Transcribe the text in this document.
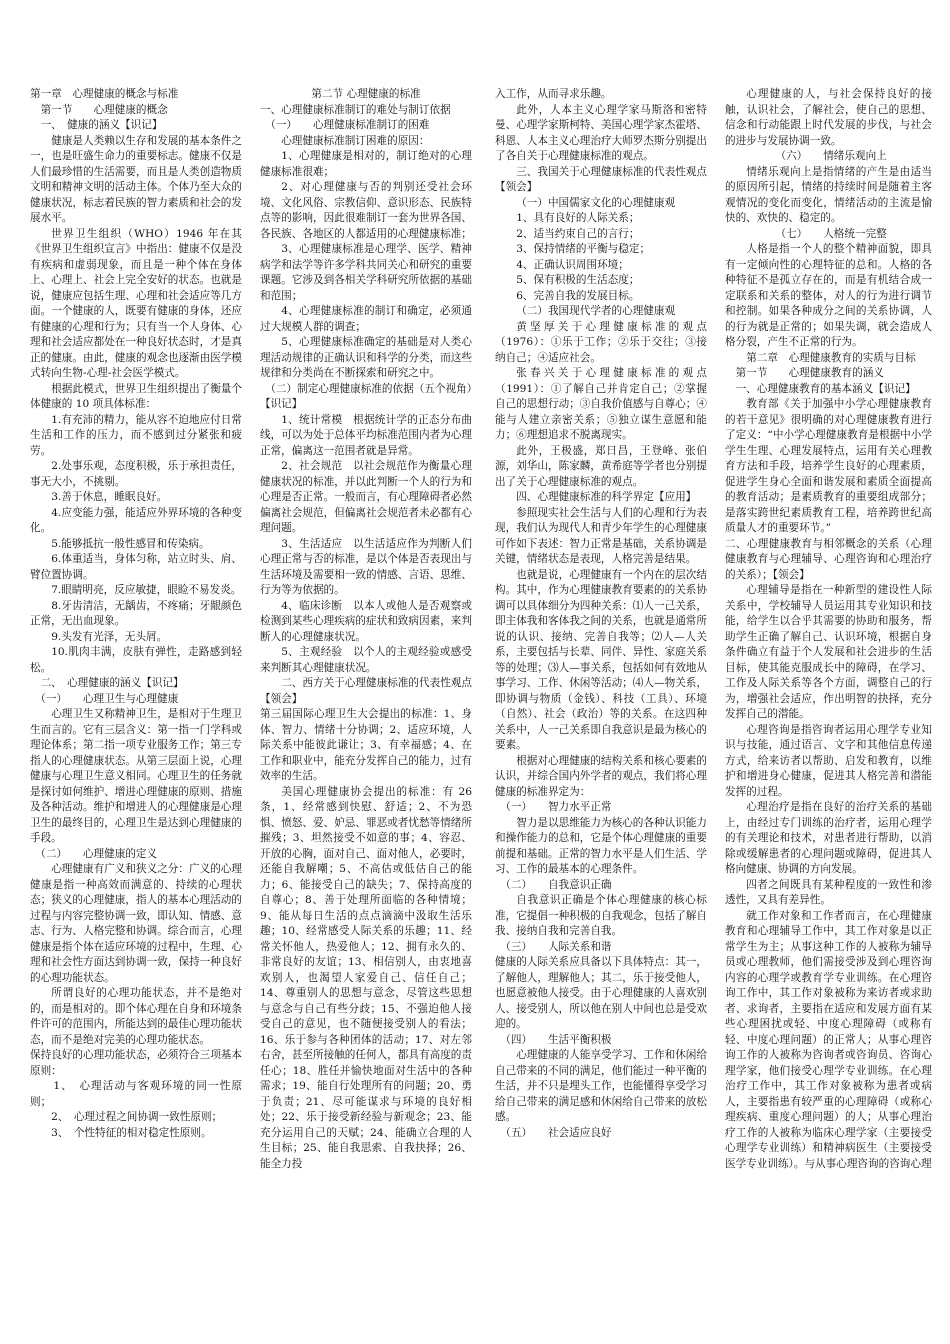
第一章　心理健康的概念与标准

　第一节　　心理健康的概念

　一、　健康的涵义【识记】

健康是人类赖以生存和发展的基本条件之一，也是旺盛生命力的重要标志。健康不仅是人们最珍惜的生活需要，而且是人类创造物质文明和精神文明的活动主体。个体乃至大众的健康状况，标志着民族的智力素质和社会的发展水平。

世界卫生组织（WHO）1946 年在其《世界卫生组织宣言》中指出：健康不仅是没有疾病和虚弱现象，而且是一种个体在身体上、心理上、社会上完全安好的状态。也就是说，健康应包括生理、心理和社会适应等几方面。一个健康的人，既要有健康的身体，还应有健康的心理和行为；只有当一个人身体、心理和社会适应都处在一种良好状态时，才是真正的健康。由此，健康的观念也逐渐由医学模式转向生物-心理-社会医学模式。

根据此模式，世界卫生组织提出了衡量个体健康的 10 项具体标准：

1.有充沛的精力，能从容不迫地应付日常生活和工作的压力，而不感到过分紧张和疲劳。

2.处事乐观，态度积极，乐于承担责任，事无大小，不挑剔。

3.善于休息，睡眠良好。

4.应变能力强，能适应外界环境的各种变化。

5.能够抵抗一般性感冒和传染病。

6.体重适当，身体匀称，站立时头、肩、臂位置协调。

7.眼睛明亮，反应敏捷，眼睑不易发炎。

8.牙齿清洁，无龋齿，不疼痛；牙龈颜色正常，无出血现象。

9.头发有光泽，无头屑。

10.肌肉丰满，皮肤有弹性，走路感到轻松。

　二、　心理健康的涵义【识记】

　（一）　　心理卫生与心理健康

心理卫生又称精神卫生，是相对于生理卫生而言的。它有三层含义：第一指一门学科或理论体系；第二指一项专业服务工作；第三专指人的心理健康状态。从第三层面上说，心理健康与心理卫生意义相同。心理卫生的任务就是探讨如何维护、增进心理健康的原则、措施及各种活动。维护和增进人的心理健康是心理卫生的最终目的，心理卫生是达到心理健康的手段。

　（二）　　心理健康的定义

心理健康有广义和狭义之分：广义的心理健康是指一种高效而满意的、持续的心理状态；狭义的心理健康，指人的基本心理活动的过程与内容完整协调一致，即认知、情感、意志、行为、人格完整和协调。综合而言，心理健康是指个体在适应环境的过程中，生理、心理和社会性方面达到协调一致，保持一种良好的心理功能状态。

所谓良好的心理功能状态，并不是绝对的，而是相对的。即个体心理在自身和环境条件许可的范围内，所能达到的最佳心理功能状态，而不是绝对完美的心理功能状态。

保持良好的心理功能状态，必须符合三项基本原则：

　　1、　心理活动与客观环境的同一性原则；

　　2、　心理过程之间协调一致性原则；

　　3、　个性特征的相对稳定性原则。

第二节 心理健康的标准

一、心理健康标准制订的难处与制订依据

　（一）　　心理健康标准制订的困难

心理健康标准制订困难的原因：

1、心理健康是相对的，制订绝对的心理健康标准很难；

2、对心理健康与否的判别还受社会环境、文化风俗、宗教信仰、意识形态、民族特点等的影响，因此很难制订一套为世界各国、各民族、各地区的人都适用的心理健康标准；

3、心理健康标准是心理学、医学、精神病学和法学等许多学科共同关心和研究的重要课题。它涉及到各相关学科研究所依据的基础和范围；

4、心理健康标准的制订和确定，必须通过大规模人群的调查；

5、心理健康标准确定的基础是对人类心理活动规律的正确认识和科学的分类，而这些规律和分类尚在不断探索和研究之中。

　（二）制定心理健康标准的依据（五个视角）【识记】

1、统计常模　根据统计学的正态分布曲线，可以为处于总体平均标准范围内者为心理正常，偏离这一范围者就是异常。

2、社会规范　以社会规范作为衡量心理健康状况的标准，并以此判断一个人的行为和心理是否正常。一般而言，有心理障碍者必然偏离社会规范，但偏离社会规范者未必都有心理问题。

3、生活适应　以生活适应作为判断人们心理正常与否的标准，是以个体是否表现出与生活环境及需要相一致的情感、言语、思维、行为等为依据的。

4、临床诊断　以本人或他人是否观察或检测到某些心理疾病的症状和致病因素，来判断人的心理健康状况。

5、主观经验　以个人的主观经验或感受来判断其心理健康状况。

二、西方关于心理健康标准的代表性观点【领会】

第三届国际心理卫生大会提出的标准：1、身体、智力、情绪十分协调；2、适应环境，人际关系中能彼此谦让；3、有幸福感；4、在工作和职业中，能充分发挥自己的能力，过有效率的生活。

美国心理健康协会提出的标准：有 26 条，1、经常感到快慰、舒适；2、不为恐惧、愤怒、爱、妒忌、罪恶或者忧愁等情绪所摧残；3、坦然接受不如意的事；4、容忍、开放的心胸，面对自己、面对他人，必要时，还能自我解嘲；5、不高估或低估自己的能力；6、能接受自己的缺失；7、保持高度的自尊心；8、善于处理所面临的各种情境；9、能从每日生活的点点滴滴中汲取生活乐趣；10、经常感受人际关系的乐趣；11、经常关怀他人，热爱他人；12、拥有永久的、非常良好的友谊；13、相信别人，由衷地喜欢别人，也渴望人家爱自己、信任自己；14、尊重别人的思想与意念，尽管这些思想与意念与自己有些分歧；15、不强迫他人接受自己的意见，也不随便接受别人的看法；16、乐于参与各种团体的活动；17、对左邻右舍，甚至所接触的任何人，都具有高度的责任心；18、胜任并愉快地面对生活中的各种需求；19、能自行处理所有的问题；20、勇于负责；21、尽可能谋求与环境的良好相处；22、乐于接受新经验与新观念；23、能充分运用自己的天赋；24、能确立合理的人生目标；25、能自我思索、自我抉择；26、能全力投

入工作，从而寻求乐趣。

此外，人本主义心理学家马斯洛和密特曼、心理学家斯柯特、美国心理学家杰霍塔、科恩、人本主义心理治疗大师罗杰斯分别提出了各自关于心理健康标准的观点。

三、我国关于心理健康标准的代表性观点【领会】

（一）中国儒家文化的心理健康观

1、具有良好的人际关系；

2、适当约束自己的言行；

3、保持情绪的平衡与稳定；

4、正确认识周围环境；

5、保有积极的生活态度；

6、完善自我的发展目标。

（二）我国现代学者的心理健康观

黄坚厚关于心理健康标准的观点（1976）：①乐于工作；②乐于交往；③接纳自己；④适应社会。

张春兴关于心理健康标准的观点（1991）：①了解自己并肯定自己；②掌握自己的思想行动；③自我价值感与自尊心；④能与人建立亲密关系；⑤独立谋生意愿和能力；⑥理想追求不脱离现实。

此外，王极盛，郑日昌，王登峰、张伯源，刘华山，陈家麟，黄希庭等学者也分别提出了关于心理健康标准的观点。

四、心理健康标准的科学界定【应用】

参照现实社会生活与人们的心理和行为表现，我们认为现代人和青少年学生的心理健康可作如下表述：智力正常是基础，关系协调是关键，情绪状态是表现，人格完善是结果。

也就是说，心理健康有一个内在的层次结构。其中，作为心理健康教育要素的的关系协调可以具体细分为四种关系：⑴人一己关系，即主体我和客体我之间的关系，也就是通常所说的认识、接纳、完善自我等；⑵人—人关系，主要包括与长辈、同伴、异性、家庭关系等的处理；⑶人—事关系，包括如何有效地从事学习、工作、休闲等活动；⑷人—物关系，即协调与物质（金钱）、科技（工具）、环境（自然）、社会（政治）等的关系。在这四种关系中，人一己关系即自我意识是最为核心的要素。

根据对心理健康的结构关系和核心要素的认识，并综合国内外学者的观点，我们将心理健康的标准界定为：

　（一）　　智力水平正常

智力是以思维能力为核心的各种认识能力和操作能力的总和，它是个体心理健康的重要前提和基础。正常的智力水平是人们生活、学习、工作的最基本的心理条件。

　（二）　　自我意识正确

自我意识正确是个体心理健康的核心标准，它提倡一种积极的自我观念，包括了解自我、接纳自我和完善自我。

　（三）　　人际关系和谐

健康的人际关系应具备以下具体特点：其一，了解他人，理解他人；其二，乐于接受他人，也愿意被他人接受。由于心理健康的人喜欢别人、接受别人，所以他在别人中间也总是受欢迎的。

　（四）　　生活平衡积极

心理健康的人能享受学习、工作和休闲给自己带来的不同的满足，他们能过一种平衡的生活，并不只是埋头工作，也能懂得享受学习给自己带来的满足感和休闲给自己带来的放松感。

　（五）　　社会适应良好

心理健康的人，与社会保持良好的接触，认识社会，了解社会，使自己的思想、信念和行动能跟上时代发展的步伐，与社会的进步与发展协调一致。

　（六）　　情绪乐观向上

情绪乐观向上是指情绪的产生是由适当的原因所引起，情绪的持续时间是随着主客观情况的变化而变化，情绪活动的主流是愉快的、欢快的、稳定的。

　（七）　　人格统一完整

人格是指一个人的整个精神面貌，即具有一定倾向性的心理特征的总和。人格的各种特征不是孤立存在的，而是有机结合成一定联系和关系的整体，对人的行为进行调节和控制。如果各种成分之间的关系协调，人的行为就是正常的；如果失调，就会造成人格分裂，产生不正常的行为。

第二章　心理健康教育的实质与目标

　第一节　　心理健康教育的涵义

　一、心理健康教育的基本涵义【识记】

教育部《关于加强中小学心理健康教育的若干意见》很明确的对心理健康教育进行了定义：“中小学心理健康教育是根据中小学学生生理、心理发展特点，运用有关心理教育方法和手段，培养学生良好的心理素质，促进学生身心全面和谐发展和素质全面提高的教育活动；是素质教育的重要组成部分；是落实跨世纪素质教育工程，培养跨世纪高质量人才的重要环节。”

二、心理健康教育与相邻概念的关系（心理健康教育与心理辅导、心理咨询和心理治疗的关系）；【领会】

心理辅导是指在一种新型的建设性人际关系中，学校辅导人员运用其专业知识和技能，给学生以合乎其需要的协助和服务，帮助学生正确了解自己、认识环境，根据自身条件确立有益于个人发展和社会进步的生活目标，使其能克服成长中的障碍，在学习、工作及人际关系等各个方面，调整自己的行为，增强社会适应，作出明智的抉择，充分发挥自己的潜能。

心理咨询是指咨询者运用心理学专业知识与技能，通过语言、文字和其他信息传递方式，给来访者以帮助、启发和教育，以维护和增进身心健康，促进其人格完善和潜能发挥的过程。

心理治疗是指在良好的治疗关系的基础上，由经过专门训练的治疗者，运用心理学的有关理论和技术，对患者进行帮助，以消除或缓解患者的心理问题或障碍，促进其人格向健康、协调的方向发展。

四者之间既具有某种程度的一致性和渗透性，又具有差异性。

就工作对象和工作者而言，在心理健康教育和心理辅导工作中，其工作对象是以正常学生为主；从事这种工作的人被称为辅导员或心理教师，他们需接受涉及到心理咨询内容的心理学或教育学专业训练。在心理咨询工作中，其工作对象被称为来访者或求助者、求询者，主要指在适应和发展方面有某些心理困扰或轻、中度心理障碍（或称有轻、中度心理问题）的正常人；从事心理咨询工作的人被称为咨询者或咨询员、咨询心理学家，他们接受心理学专业训练。在心理治疗工作中，其工作对象被称为患者或病人，主要指患有较严重的心理障碍（或称心理疾病、重度心理问题）的人；从事心理治疗工作的人被称为临床心理学家（主要接受心理学专业训练）和精神病医生（主要接受医学专业训练）。与从事心理咨询的咨询心理
